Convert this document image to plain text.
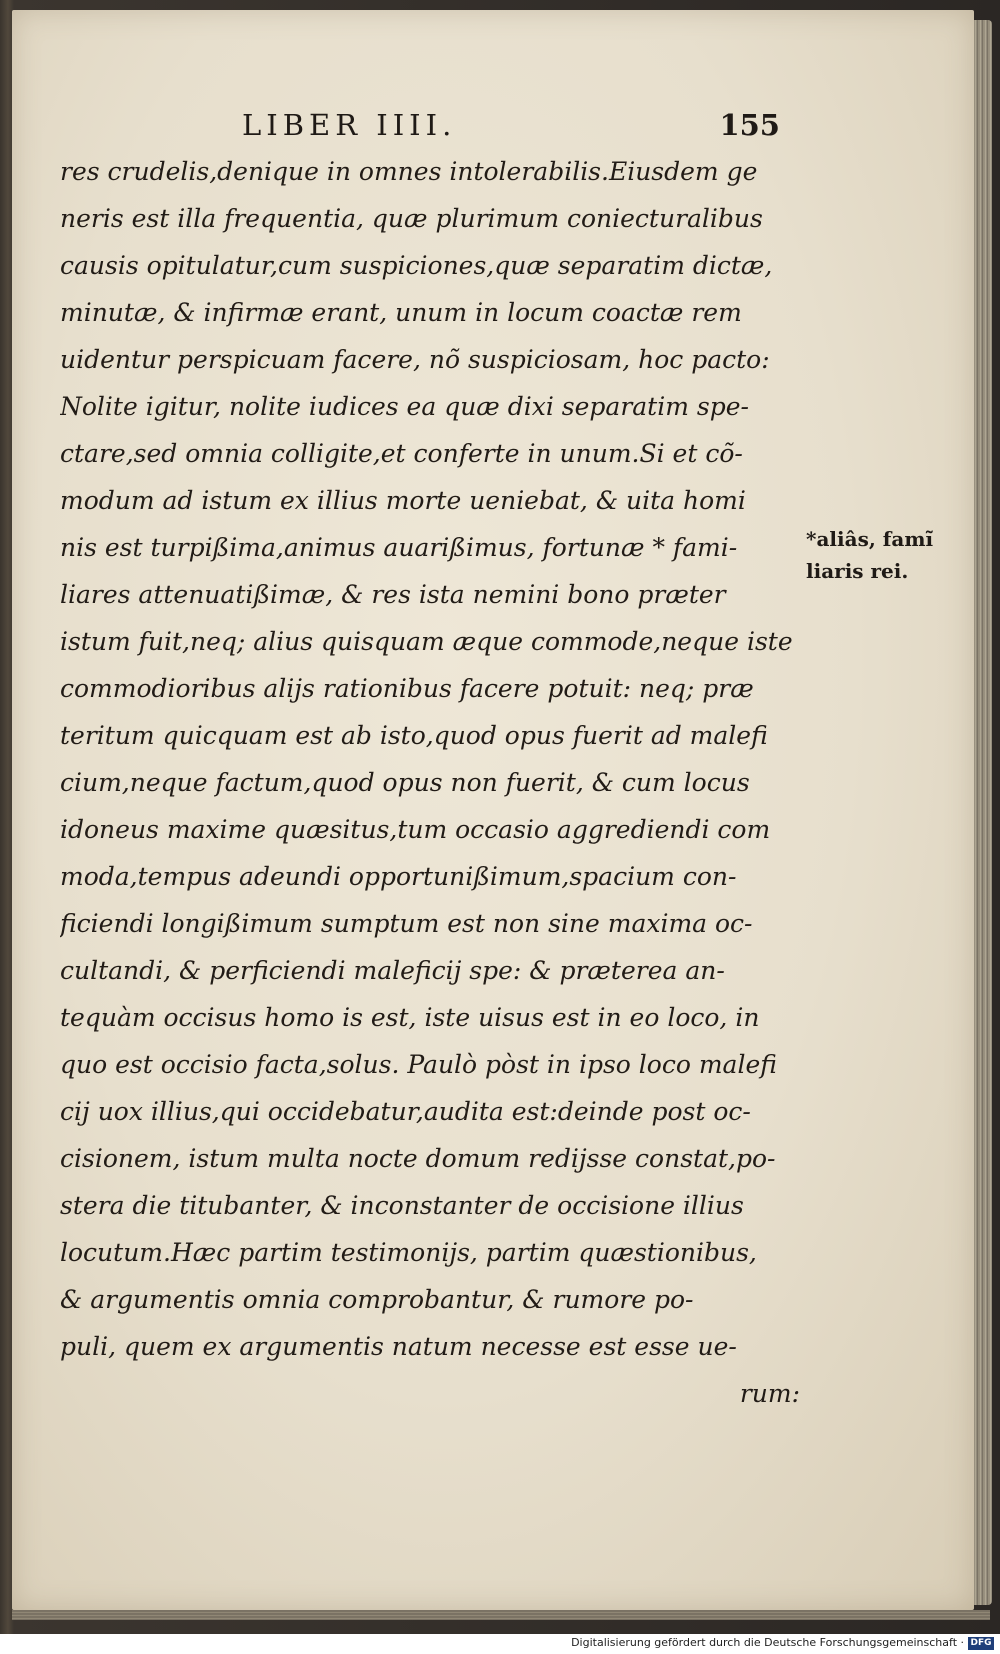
LIBER IIII.	155
res crudelis,denique in omnes intolerabilis.Eiusdem ge
neris est illa frequentia, quæ plurimum coniecturalibus
causis opitulatur,cum suspiciones,quæ separatim dictæ,
minutæ, & infirmæ erant, unum in locum coactæ rem
uidentur perspicuam facere, nõ suspiciosam, hoc pacto:
Nolite igitur, nolite iudices ea quæ dixi separatim spe-
ctare,sed omnia colligite,et conferte in unum.Si et cõ-
modum ad istum ex illius morte ueniebat, & uita homi
nis est turpißima,animus auarißimus, fortunæ * fami-
liares attenuatißimæ, & res ista nemini bono præter
istum fuit,neq; alius quisquam æque commode,neque iste
commodioribus alijs rationibus facere potuit: neq; præ
teritum quicquam est ab isto,quod opus fuerit ad malefi
cium,neque factum,quod opus non fuerit, & cum locus
idoneus maxime quæsitus,tum occasio aggrediendi com
moda,tempus adeundi opportunißimum,spacium con-
ficiendi longißimum sumptum est non sine maxima oc-
cultandi, & perficiendi maleficij spe: & præterea an-
tequàm occisus homo is est, iste uisus est in eo loco, in
quo est occisio facta,solus. Paulò pòst in ipso loco malefi
cij uox illius,qui occidebatur,audita est:deinde post oc-
cisionem, istum multa nocte domum redijsse constat,po-
stera die titubanter, & inconstanter de occisione illius
locutum.Hæc partim testimonijs, partim quæstionibus,
& argumentis omnia comprobantur, & rumore po-
puli, quem ex argumentis natum necesse est esse ue-
rum:
*aliâs, famĩ
liaris rei.
Digitalisierung gefördert durch die Deutsche Forschungsgemeinschaft · DFG
